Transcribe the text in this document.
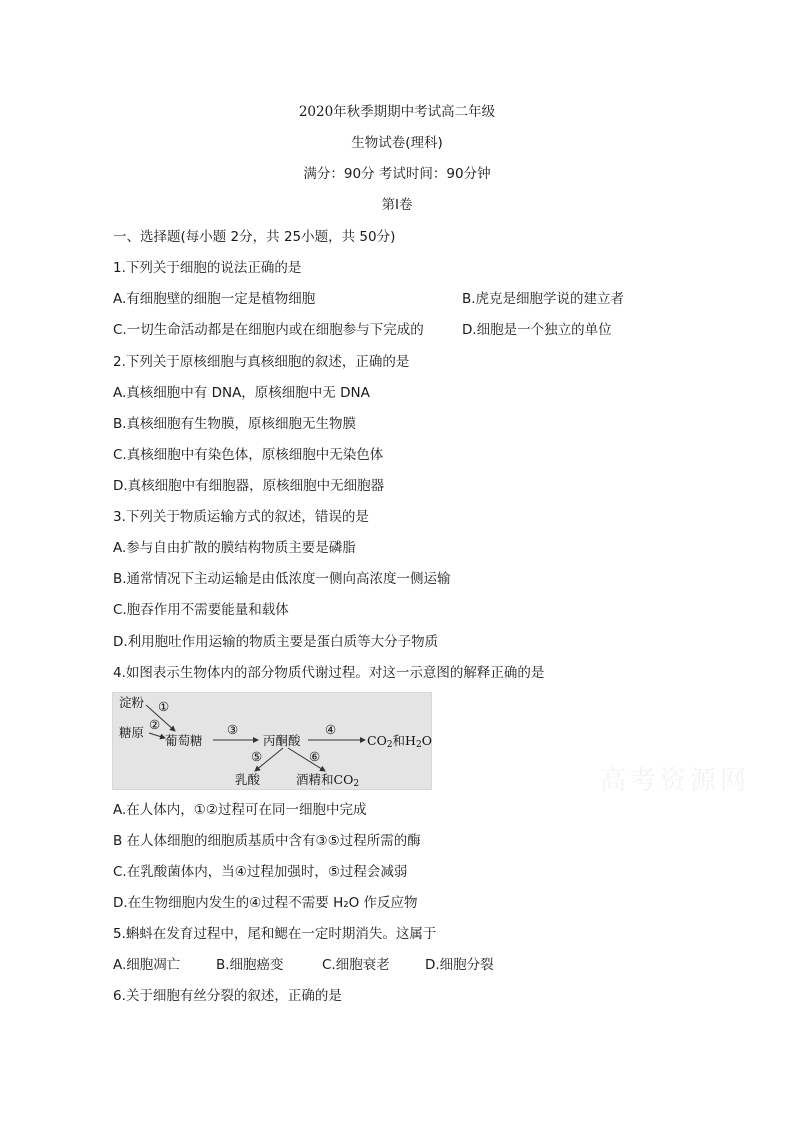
2020年秋季期期中考试高二年级
生物试卷(理科)
满分：90分 考试时间：90分钟
第Ⅰ卷
一、选择题(每小题 2分，共 25小题，共 50分)
1.下列关于细胞的说法正确的是
A.有细胞壁的细胞一定是植物细胞	B.虎克是细胞学说的建立者
C.一切生命活动都是在细胞内或在细胞参与下完成的	D.细胞是一个独立的单位
2.下列关于原核细胞与真核细胞的叙述，正确的是
A.真核细胞中有 DNA，原核细胞中无 DNA
B.真核细胞有生物膜，原核细胞无生物膜
C.真核细胞中有染色体，原核细胞中无染色体
D.真核细胞中有细胞器，原核细胞中无细胞器
3.下列关于物质运输方式的叙述，错误的是
A.参与自由扩散的膜结构物质主要是磷脂
B.通常情况下主动运输是由低浓度一侧向高浓度一侧运输
C.胞吞作用不需要能量和载体
D.利用胞吐作用运输的物质主要是蛋白质等大分子物质
4.如图表示生物体内的部分物质代谢过程。对这一示意图的解释正确的是
淀粉 ①
糖原
②
葡萄糖
③
丙酮酸
④
$CO_2$和$H_2O$
⑤	⑥
乳酸	酒精和$CO_2$
A.在人体内，①②过程可在同一细胞中完成
B 在人体细胞的细胞质基质中含有③⑤过程所需的酶
C.在乳酸菌体内，当④过程加强时，⑤过程会减弱
D.在生物细胞内发生的④过程不需要 H₂O 作反应物
高考资源网
5.蝌蚪在发育过程中，尾和鳃在一定时期消失。这属于
A.细胞凋亡	B.细胞癌变	C.细胞衰老	D.细胞分裂
6.关于细胞有丝分裂的叙述，正确的是
